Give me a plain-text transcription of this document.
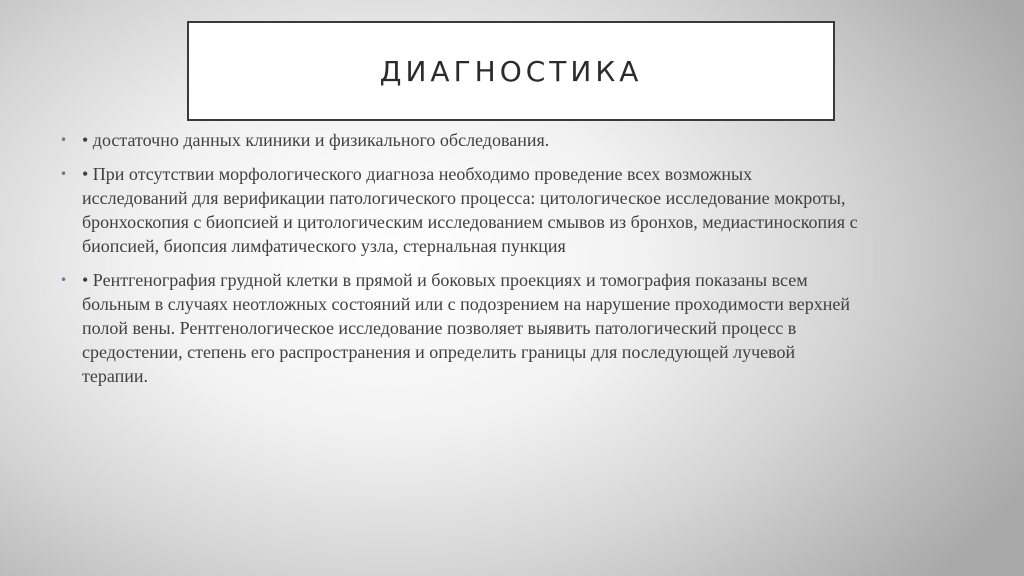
ДИАГНОСТИКА
• • достаточно данных клиники и физикального обследования.
• • При отсутствии морфологического диагноза необходимо проведение всех возможных исследований для верификации патологического процесса: цитологическое исследование мокроты, бронхоскопия с биопсией и цитологическим исследованием смывов из бронхов, медиастиноскопия с биопсией, биопсия лимфатического узла, стернальная пункция
• • Рентгенография грудной клетки в прямой и боковых проекциях и томография показаны всем больным в случаях неотложных состояний или с подозрением на нарушение проходимости верхней полой вены. Рентгенологическое исследование позволяет выявить патологический процесс в средостении, степень его распространения и определить границы для последующей лучевой терапии.
